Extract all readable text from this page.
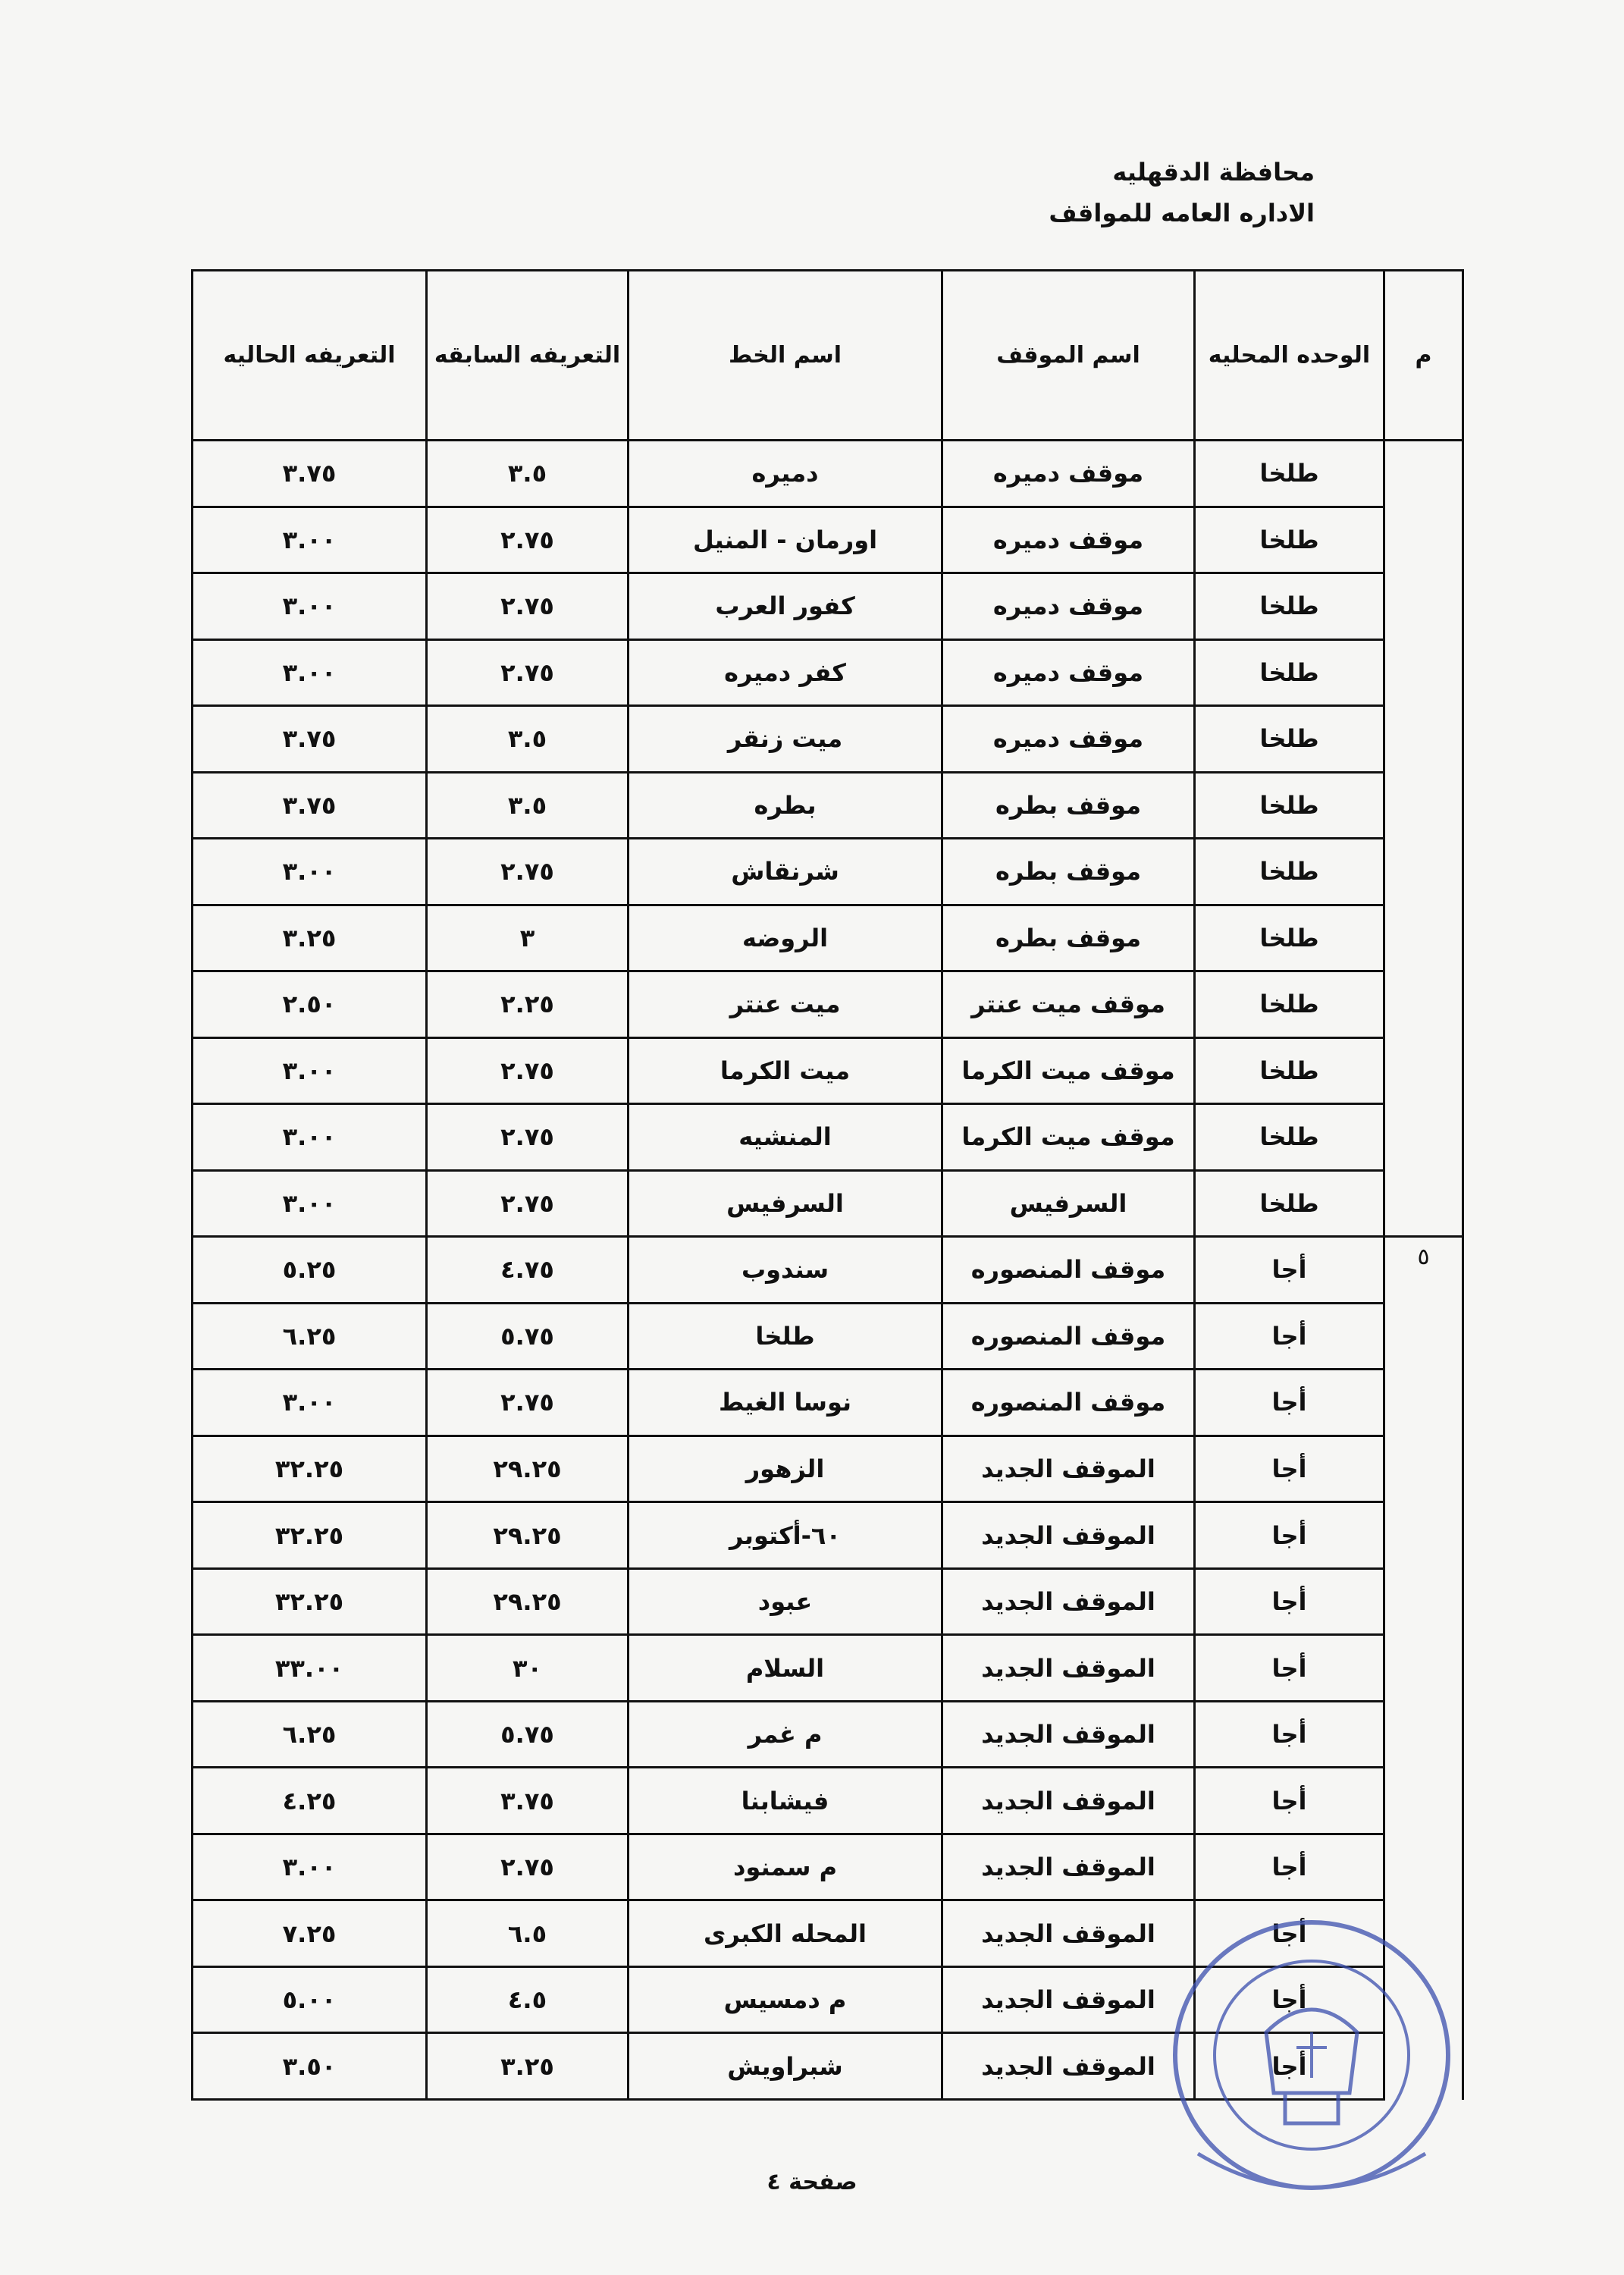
محافظة الدقهليه
الاداره العامه للمواقف
م	الوحده المحليه	اسم الموقف	اسم الخط	التعريفه السابقه	التعريفه الحاليه
	طلخا	موقف دميره	دميره	٣.٥	٣.٧٥
	طلخا	موقف دميره	اورمان - المنيل	٢.٧٥	٣.٠٠
	طلخا	موقف دميره	كفور العرب	٢.٧٥	٣.٠٠
	طلخا	موقف دميره	كفر دميره	٢.٧٥	٣.٠٠
	طلخا	موقف دميره	ميت زنقر	٣.٥	٣.٧٥
	طلخا	موقف بطره	بطره	٣.٥	٣.٧٥
	طلخا	موقف بطره	شرنقاش	٢.٧٥	٣.٠٠
	طلخا	موقف بطره	الروضه	٣	٣.٢٥
	طلخا	موقف ميت عنتر	ميت عنتر	٢.٢٥	٢.٥٠
	طلخا	موقف ميت الكرما	ميت الكرما	٢.٧٥	٣.٠٠
	طلخا	موقف ميت الكرما	المنشيه	٢.٧٥	٣.٠٠
	طلخا	السرفيس	السرفيس	٢.٧٥	٣.٠٠
٥	أجا	موقف المنصوره	سندوب	٤.٧٥	٥.٢٥
	أجا	موقف المنصوره	طلخا	٥.٧٥	٦.٢٥
	أجا	موقف المنصوره	نوسا الغيط	٢.٧٥	٣.٠٠
	أجا	الموقف الجديد	الزهور	٢٩.٢٥	٣٢.٢٥
	أجا	الموقف الجديد	٦٠-أكتوبر	٢٩.٢٥	٣٢.٢٥
	أجا	الموقف الجديد	عبود	٢٩.٢٥	٣٢.٢٥
	أجا	الموقف الجديد	السلام	٣٠	٣٣.٠٠
	أجا	الموقف الجديد	م غمر	٥.٧٥	٦.٢٥
	أجا	الموقف الجديد	فيشابنا	٣.٧٥	٤.٢٥
	أجا	الموقف الجديد	م سمنود	٢.٧٥	٣.٠٠
	أجا	الموقف الجديد	المحله الكبرى	٦.٥	٧.٢٥
	أجا	الموقف الجديد	م دمسيس	٤.٥	٥.٠٠
	أجا	الموقف الجديد	شبراويش	٣.٢٥	٣.٥٠
صفحة ٤
